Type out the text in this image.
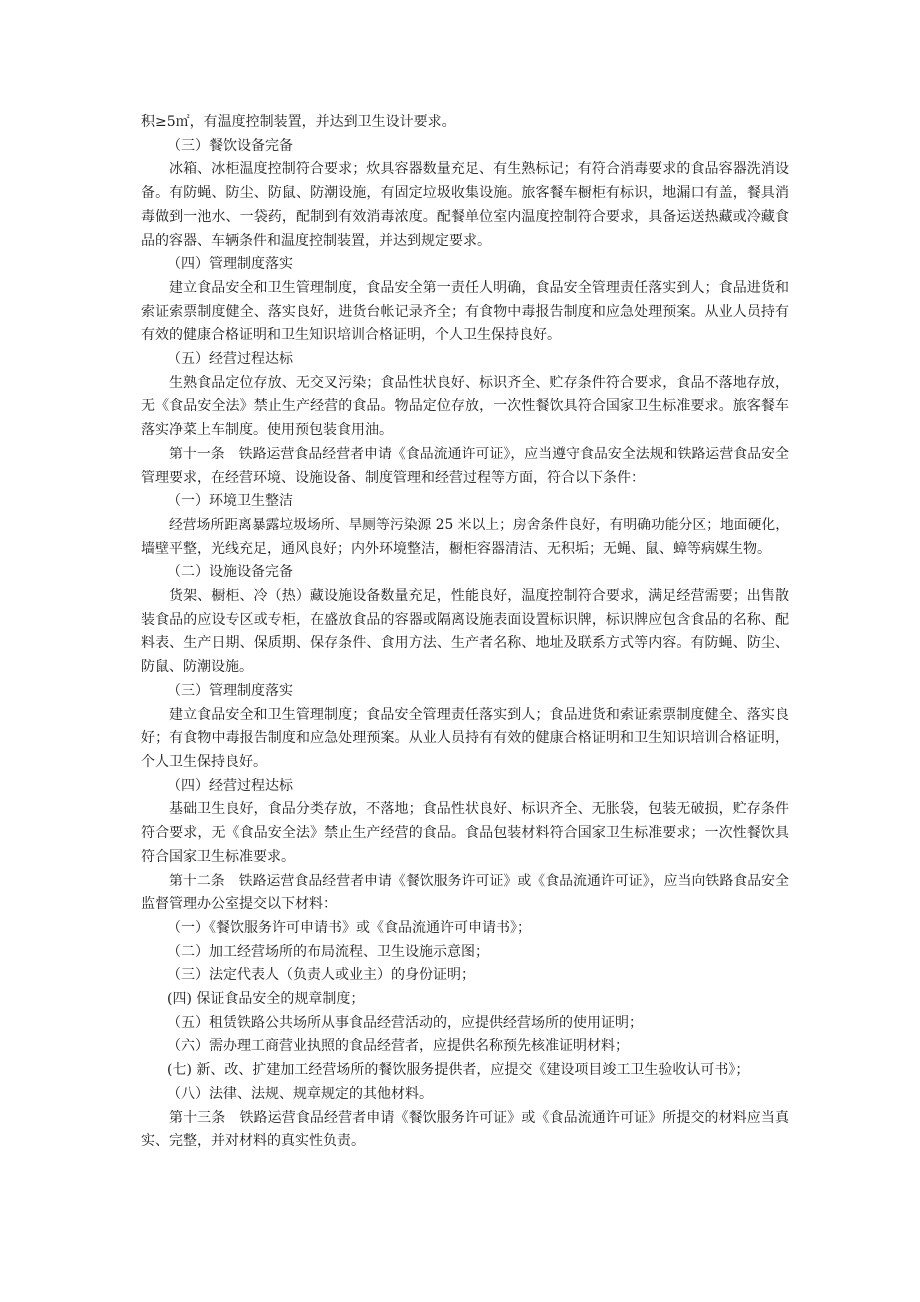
积≥5㎡，有温度控制装置，并达到卫生设计要求。
（三）餐饮设备完备
冰箱、冰柜温度控制符合要求；炊具容器数量充足、有生熟标记；有符合消毒要求的食品容器洗消设
备。有防蝇、防尘、防鼠、防潮设施，有固定垃圾收集设施。旅客餐车橱柜有标识，地漏口有盖，餐具消
毒做到一池水、一袋药，配制到有效消毒浓度。配餐单位室内温度控制符合要求，具备运送热藏或冷藏食
品的容器、车辆条件和温度控制装置，并达到规定要求。
（四）管理制度落实
建立食品安全和卫生管理制度，食品安全第一责任人明确，食品安全管理责任落实到人；食品进货和
索证索票制度健全、落实良好，进货台帐记录齐全；有食物中毒报告制度和应急处理预案。从业人员持有
有效的健康合格证明和卫生知识培训合格证明，个人卫生保持良好。
（五）经营过程达标
生熟食品定位存放、无交叉污染；食品性状良好、标识齐全、贮存条件符合要求，食品不落地存放，
无《食品安全法》禁止生产经营的食品。物品定位存放，一次性餐饮具符合国家卫生标准要求。旅客餐车
落实净菜上车制度。使用预包装食用油。
第十一条　铁路运营食品经营者申请《食品流通许可证》，应当遵守食品安全法规和铁路运营食品安全
管理要求，在经营环境、设施设备、制度管理和经营过程等方面，符合以下条件：
（一）环境卫生整洁
经营场所距离暴露垃圾场所、旱厕等污染源 25 米以上；房舍条件良好，有明确功能分区；地面硬化，
墙壁平整，光线充足，通风良好；内外环境整洁，橱柜容器清洁、无积垢；无蝇、鼠、蟑等病媒生物。
（二）设施设备完备
货架、橱柜、冷（热）藏设施设备数量充足，性能良好，温度控制符合要求，满足经营需要；出售散
装食品的应设专区或专柜，在盛放食品的容器或隔离设施表面设置标识牌，标识牌应包含食品的名称、配
料表、生产日期、保质期、保存条件、食用方法、生产者名称、地址及联系方式等内容。有防蝇、防尘、
防鼠、防潮设施。
（三）管理制度落实
建立食品安全和卫生管理制度；食品安全管理责任落实到人；食品进货和索证索票制度健全、落实良
好；有食物中毒报告制度和应急处理预案。从业人员持有有效的健康合格证明和卫生知识培训合格证明，
个人卫生保持良好。
（四）经营过程达标
基础卫生良好，食品分类存放，不落地；食品性状良好、标识齐全、无胀袋，包装无破损，贮存条件
符合要求，无《食品安全法》禁止生产经营的食品。食品包装材料符合国家卫生标准要求；一次性餐饮具
符合国家卫生标准要求。
第十二条　铁路运营食品经营者申请《餐饮服务许可证》或《食品流通许可证》，应当向铁路食品安全
监督管理办公室提交以下材料：
（一）《餐饮服务许可申请书》或《食品流通许可申请书》；
（二）加工经营场所的布局流程、卫生设施示意图；
（三）法定代表人（负责人或业主）的身份证明；
(四) 保证食品安全的规章制度；
（五）租赁铁路公共场所从事食品经营活动的，应提供经营场所的使用证明；
（六）需办理工商营业执照的食品经营者，应提供名称预先核准证明材料；
(七) 新、改、扩建加工经营场所的餐饮服务提供者，应提交《建设项目竣工卫生验收认可书》；
（八）法律、法规、规章规定的其他材料。
第十三条　铁路运营食品经营者申请《餐饮服务许可证》或《食品流通许可证》所提交的材料应当真
实、完整，并对材料的真实性负责。
